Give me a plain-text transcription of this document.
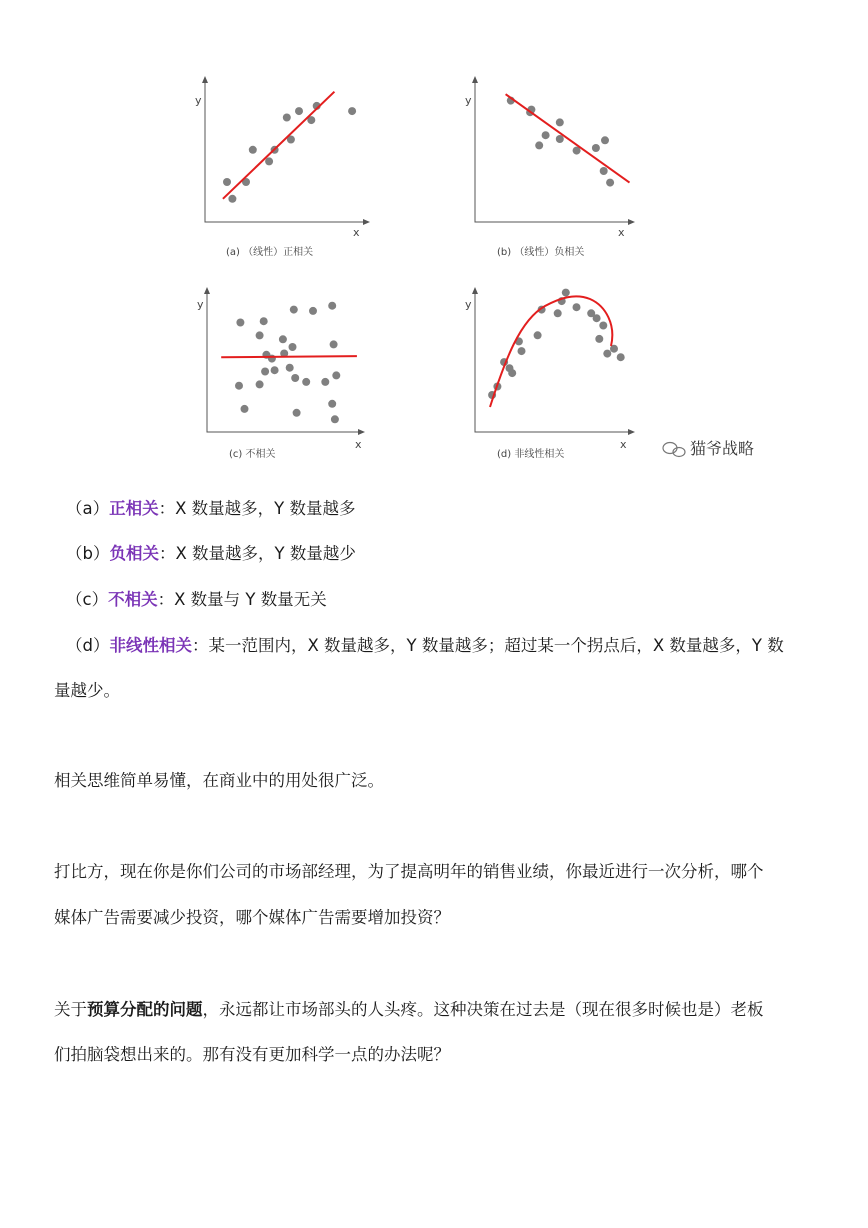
y
x
(a) （线性）正相关
y
x
(b) （线性）负相关
y
x
(c) 不相关
y
x
(d) 非线性相关	猫爷战略
（a）正相关：X 数量越多，Y 数量越多
（b）负相关：X 数量越多，Y 数量越少
（c）不相关：X 数量与 Y 数量无关
（d）非线性相关：某一范围内，X 数量越多，Y 数量越多；超过某一个拐点后，X 数量越多，Y 数
量越少。
相关思维简单易懂，在商业中的用处很广泛。
打比方，现在你是你们公司的市场部经理，为了提高明年的销售业绩，你最近进行一次分析，哪个
媒体广告需要减少投资，哪个媒体广告需要增加投资？
关于预算分配的问题，永远都让市场部头的人头疼。这种决策在过去是（现在很多时候也是）老板
们拍脑袋想出来的。那有没有更加科学一点的办法呢？
